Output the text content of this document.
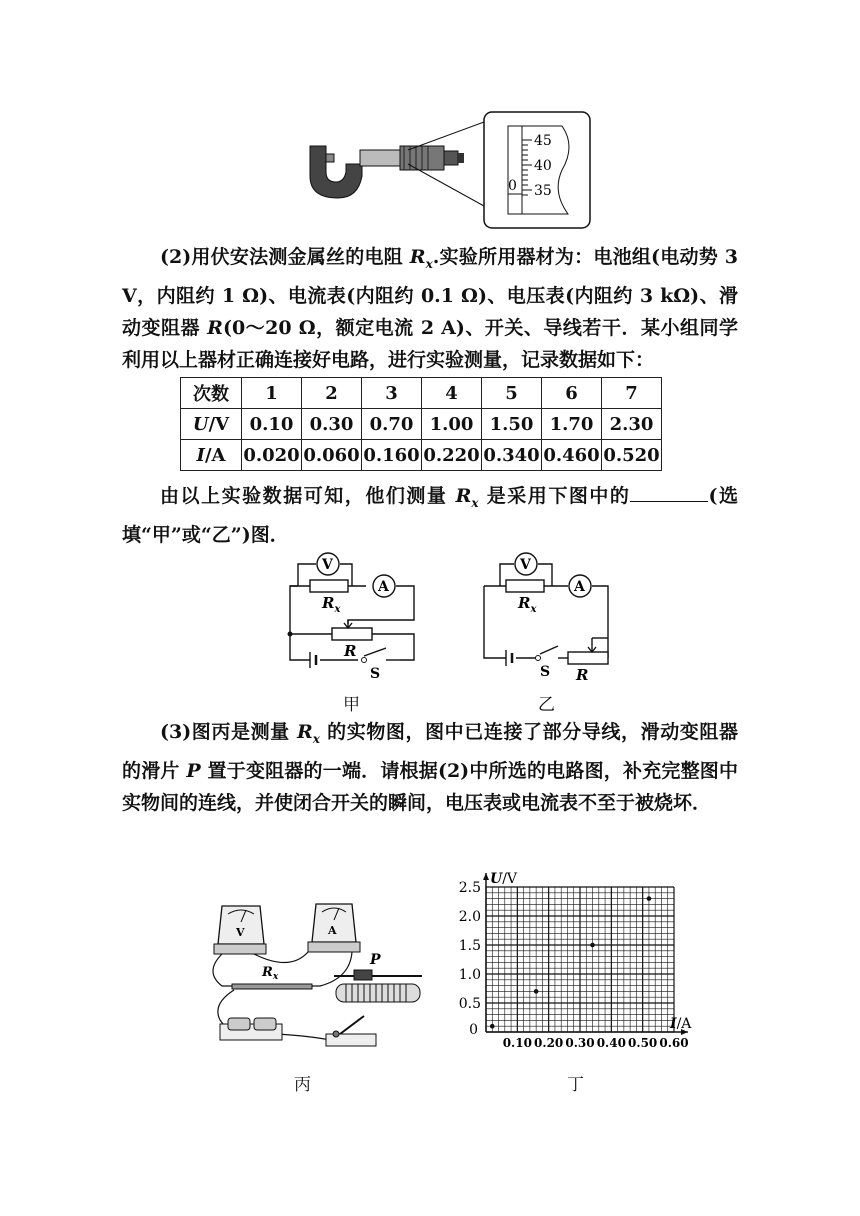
45
40
35
0
(2)用伏安法测金属丝的电阻 $R_x$.实验所用器材为：电池组(电动势 3 V，内阻约 1 Ω)、电流表(内阻约 0.1 Ω)、电压表(内阻约 3 kΩ)、滑动变阻器 R(0～20 Ω，额定电流 2 A)、开关、导线若干．某小组同学利用以上器材正确连接好电路，进行实验测量，记录数据如下：
次数	1	2	3	4	5	6	7
U/V	0.10	0.30	0.70	1.00	1.50	1.70	2.30
I/A	0.020	0.060	0.160	0.220	0.340	0.460	0.520
由以上实验数据可知，他们测量 $R_x$ 是采用下图中的	(选填“甲”或“乙”)图．
V
A
$R_x$
R
S
甲
V
A
$R_x$
S R
乙
(3)图丙是测量 $R_x$ 的实物图，图中已连接了部分导线，滑动变阻器的滑片 P 置于变阻器的一端．请根据(2)中所选的电路图，补充完整图中实物间的连线，并使闭合开关的瞬间，电压表或电流表不至于被烧坏．
V	A
$R_x$
P
丙
0.10 0.20 0.30 0.40 0.50 0.60
0.5
1.0
1.5
2.0
2.5
0
U/V
I/A
丁
